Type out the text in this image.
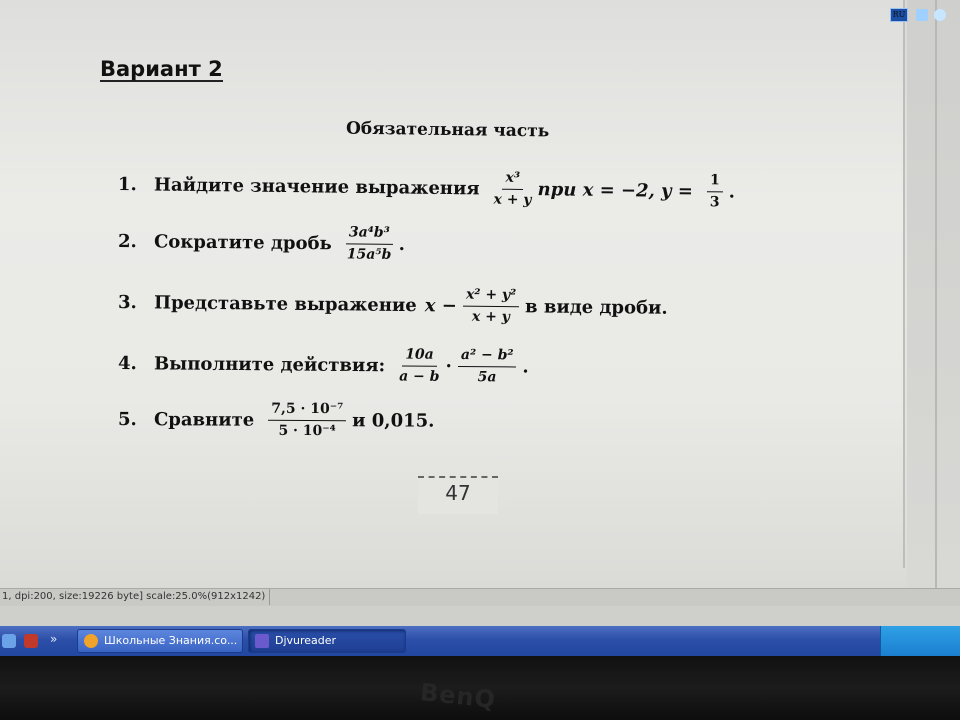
Вариант 2
Обязательная часть
1. Найдите значение выражения $\frac{\text{x³}}{x + y}$ при x = −2, $y = \frac{1}{3}$ .
2. Сократите дробь $\frac{\text{3a⁴b³}}{\text{15a⁵b}}$ .
3. Представьте выражение $x - \frac{\text{x² + y²}}{x + y}$ в виде дроби.
4. Выполните действия: $\frac{10a}{a - b} \cdot \frac{\text{a² − b²}}{5a}$ .
5. Сравните $\frac{\text{7,5 · 10⁻⁷}}{\text{5 · 10⁻⁴}}$ и 0,015.
47
1, dpi:200, size:19226 byte] scale:25.0%(912x1242)
»	Школьные Знания.co...	Djvureader
RU
BenQ
